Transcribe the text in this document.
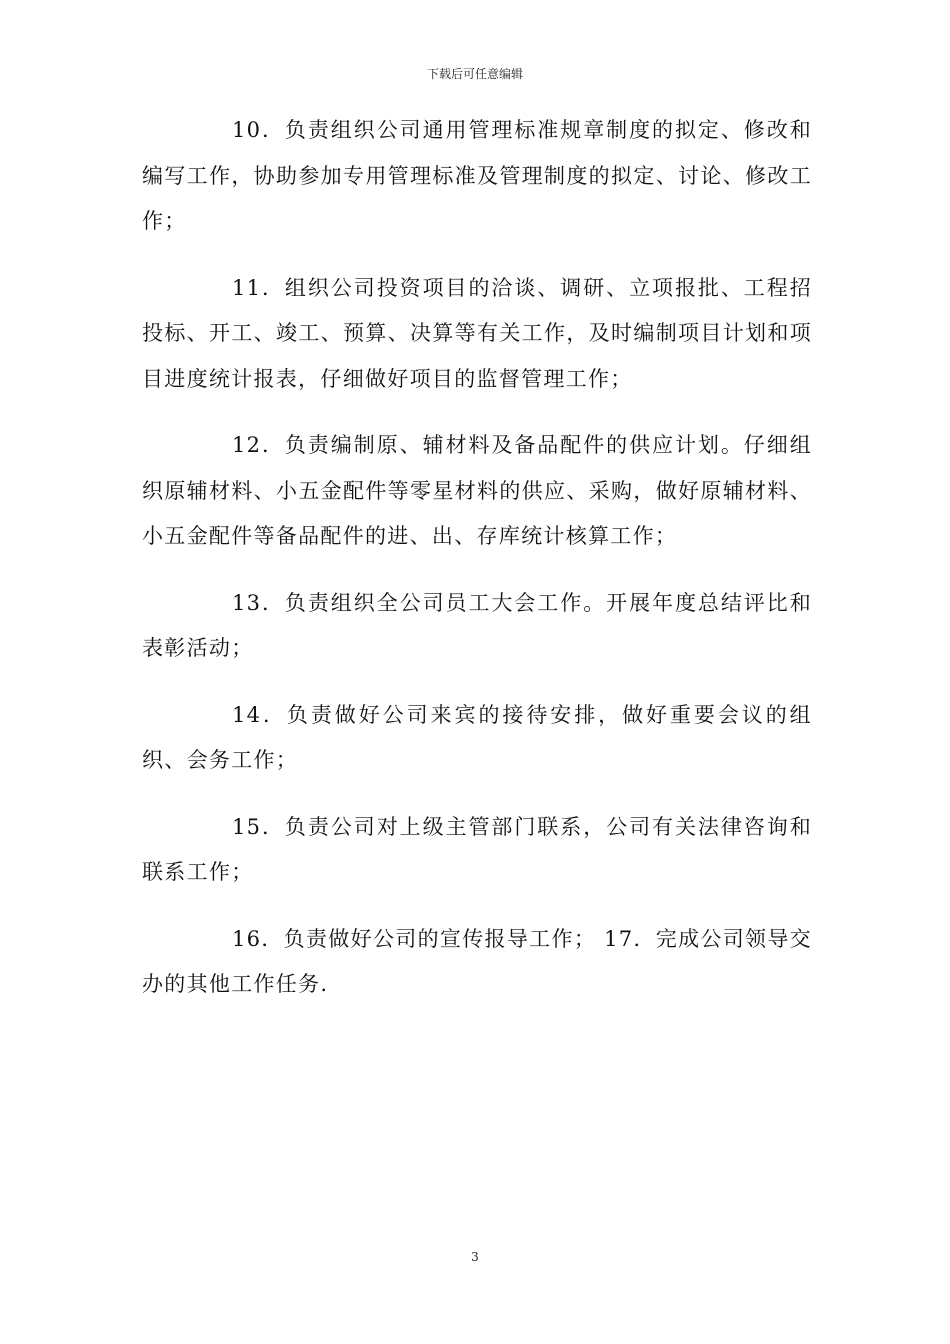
下载后可任意编辑

10．负责组织公司通用管理标准规章制度的拟定、修改和编写工作，协助参加专用管理标准及管理制度的拟定、讨论、修改工作；

11．组织公司投资项目的洽谈、调研、立项报批、工程招投标、开工、竣工、预算、决算等有关工作，及时编制项目计划和项目进度统计报表，仔细做好项目的监督管理工作；

12．负责编制原、辅材料及备品配件的供应计划。仔细组织原辅材料、小五金配件等零星材料的供应、采购，做好原辅材料、小五金配件等备品配件的进、出、存库统计核算工作；

13．负责组织全公司员工大会工作。开展年度总结评比和表彰活动；

14．负责做好公司来宾的接待安排，做好重要会议的组织、会务工作；

15．负责公司对上级主管部门联系，公司有关法律咨询和联系工作；

16．负责做好公司的宣传报导工作； 17．完成公司领导交办的其他工作任务.

3
